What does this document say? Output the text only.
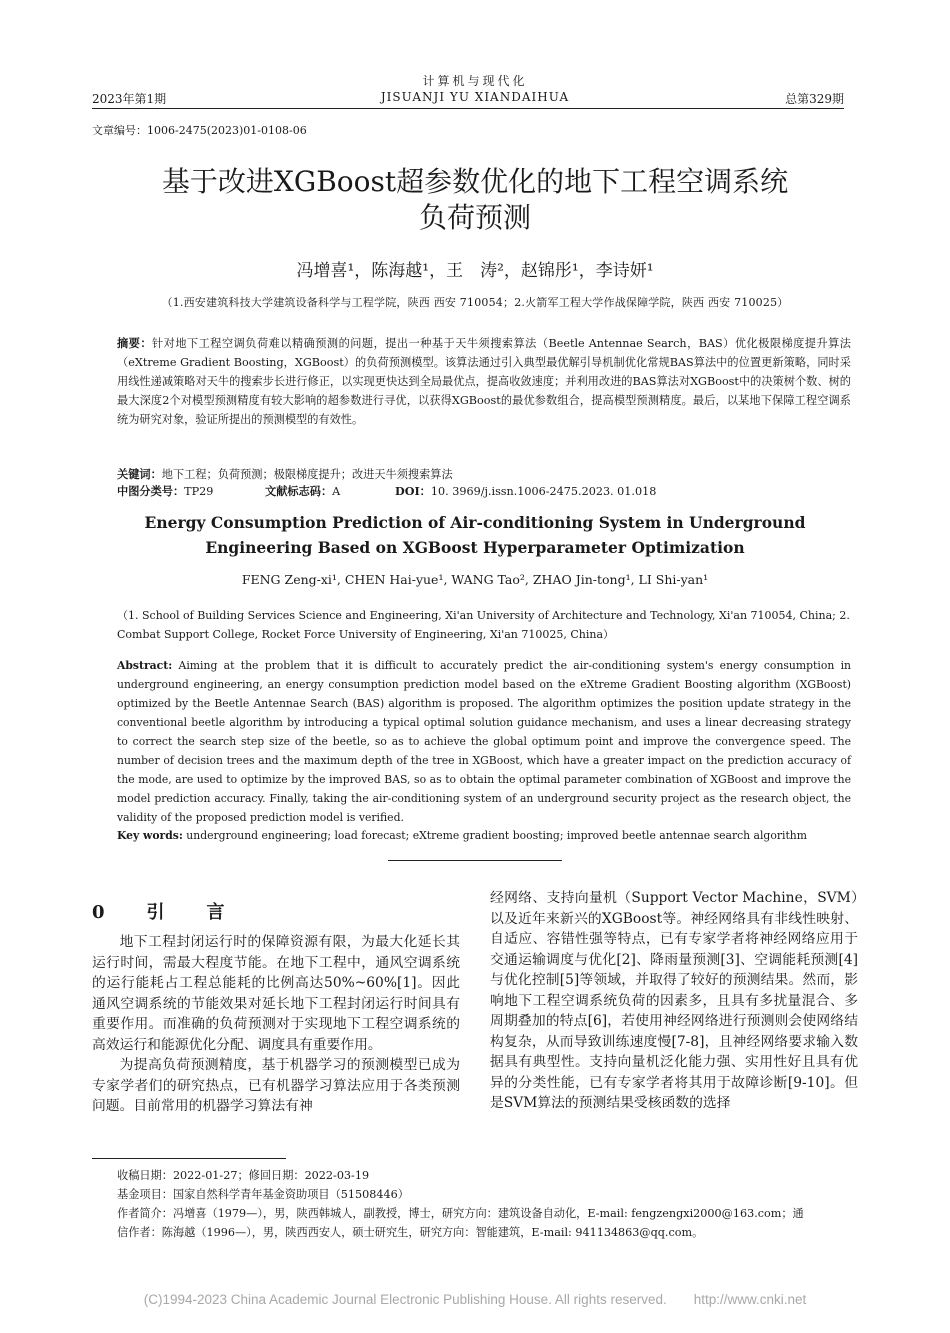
计算机与现代化
2023年第1期	JISUANJI YU XIANDAIHUA	总第329期
文章编号：1006-2475(2023)01-0108-06
基于改进XGBoost超参数优化的地下工程空调系统
负荷预测
冯增喜¹，陈海越¹，王　涛²，赵锦彤¹，李诗妍¹
（1.西安建筑科技大学建筑设备科学与工程学院，陕西 西安 710054；2.火箭军工程大学作战保障学院，陕西 西安 710025）
摘要：针对地下工程空调负荷难以精确预测的问题，提出一种基于天牛须搜索算法（Beetle Antennae Search，BAS）优化极限梯度提升算法（eXtreme Gradient Boosting，XGBoost）的负荷预测模型。该算法通过引入典型最优解引导机制优化常规BAS算法中的位置更新策略，同时采用线性递减策略对天牛的搜索步长进行修正，以实现更快达到全局最优点，提高收敛速度；并利用改进的BAS算法对XGBoost中的决策树个数、树的最大深度2个对模型预测精度有较大影响的超参数进行寻优，以获得XGBoost的最优参数组合，提高模型预测精度。最后，以某地下保障工程空调系统为研究对象，验证所提出的预测模型的有效性。
关键词：地下工程；负荷预测；极限梯度提升；改进天牛须搜索算法
中图分类号：TP29	文献标志码：A	DOI：10. 3969/j.issn.1006-2475.2023. 01.018
Energy Consumption Prediction of Air-conditioning System in Underground
Engineering Based on XGBoost Hyperparameter Optimization
FENG Zeng-xi¹, CHEN Hai-yue¹, WANG Tao², ZHAO Jin-tong¹, LI Shi-yan¹
（1. School of Building Services Science and Engineering, Xi'an University of Architecture and Technology, Xi'an 710054, China; 2. Combat Support College, Rocket Force University of Engineering, Xi'an 710025, China）
Abstract: Aiming at the problem that it is difficult to accurately predict the air-conditioning system's energy consumption in underground engineering, an energy consumption prediction model based on the eXtreme Gradient Boosting algorithm (XGBoost) optimized by the Beetle Antennae Search (BAS) algorithm is proposed. The algorithm optimizes the position update strategy in the conventional beetle algorithm by introducing a typical optimal solution guidance mechanism, and uses a linear decreasing strategy to correct the search step size of the beetle, so as to achieve the global optimum point and improve the convergence speed. The number of decision trees and the maximum depth of the tree in XGBoost, which have a greater impact on the prediction accuracy of the mode, are used to optimize by the improved BAS, so as to obtain the optimal parameter combination of XGBoost and improve the model prediction accuracy. Finally, taking the air-conditioning system of an underground security project as the research object, the validity of the proposed prediction model is verified.
Key words: underground engineering; load forecast; eXtreme gradient boosting; improved beetle antennae search algorithm
0　引　言

地下工程封闭运行时的保障资源有限，为最大化延长其运行时间，需最大程度节能。在地下工程中，通风空调系统的运行能耗占工程总能耗的比例高达50%~60%[1]。因此通风空调系统的节能效果对延长地下工程封闭运行时间具有重要作用。而准确的负荷预测对于实现地下工程空调系统的高效运行和能源优化分配、调度具有重要作用。

为提高负荷预测精度，基于机器学习的预测模型已成为专家学者们的研究热点，已有机器学习算法应用于各类预测问题。目前常用的机器学习算法有神

经网络、支持向量机（Support Vector Machine，SVM）以及近年来新兴的XGBoost等。神经网络具有非线性映射、自适应、容错性强等特点，已有专家学者将神经网络应用于交通运输调度与优化[2]、降雨量预测[3]、空调能耗预测[4]与优化控制[5]等领域，并取得了较好的预测结果。然而，影响地下工程空调系统负荷的因素多，且具有多扰量混合、多周期叠加的特点[6]，若使用神经网络进行预测则会使网络结构复杂，从而导致训练速度慢[7-8]，且神经网络要求输入数据具有典型性。支持向量机泛化能力强、实用性好且具有优异的分类性能，已有专家学者将其用于故障诊断[9-10]。但是SVM算法的预测结果受核函数的选择

收稿日期：2022-01-27；修回日期：2022-03-19
基金项目：国家自然科学青年基金资助项目（51508446）
作者简介：冯增喜（1979—），男，陕西韩城人，副教授，博士，研究方向：建筑设备自动化，E-mail: fengzengxi2000@163.com；通
信作者：陈海越（1996—），男，陕西西安人，硕士研究生，研究方向：智能建筑，E-mail: 941134863@qq.com。
(C)1994-2023 China Academic Journal Electronic Publishing House. All rights reserved.　　http://www.cnki.net
